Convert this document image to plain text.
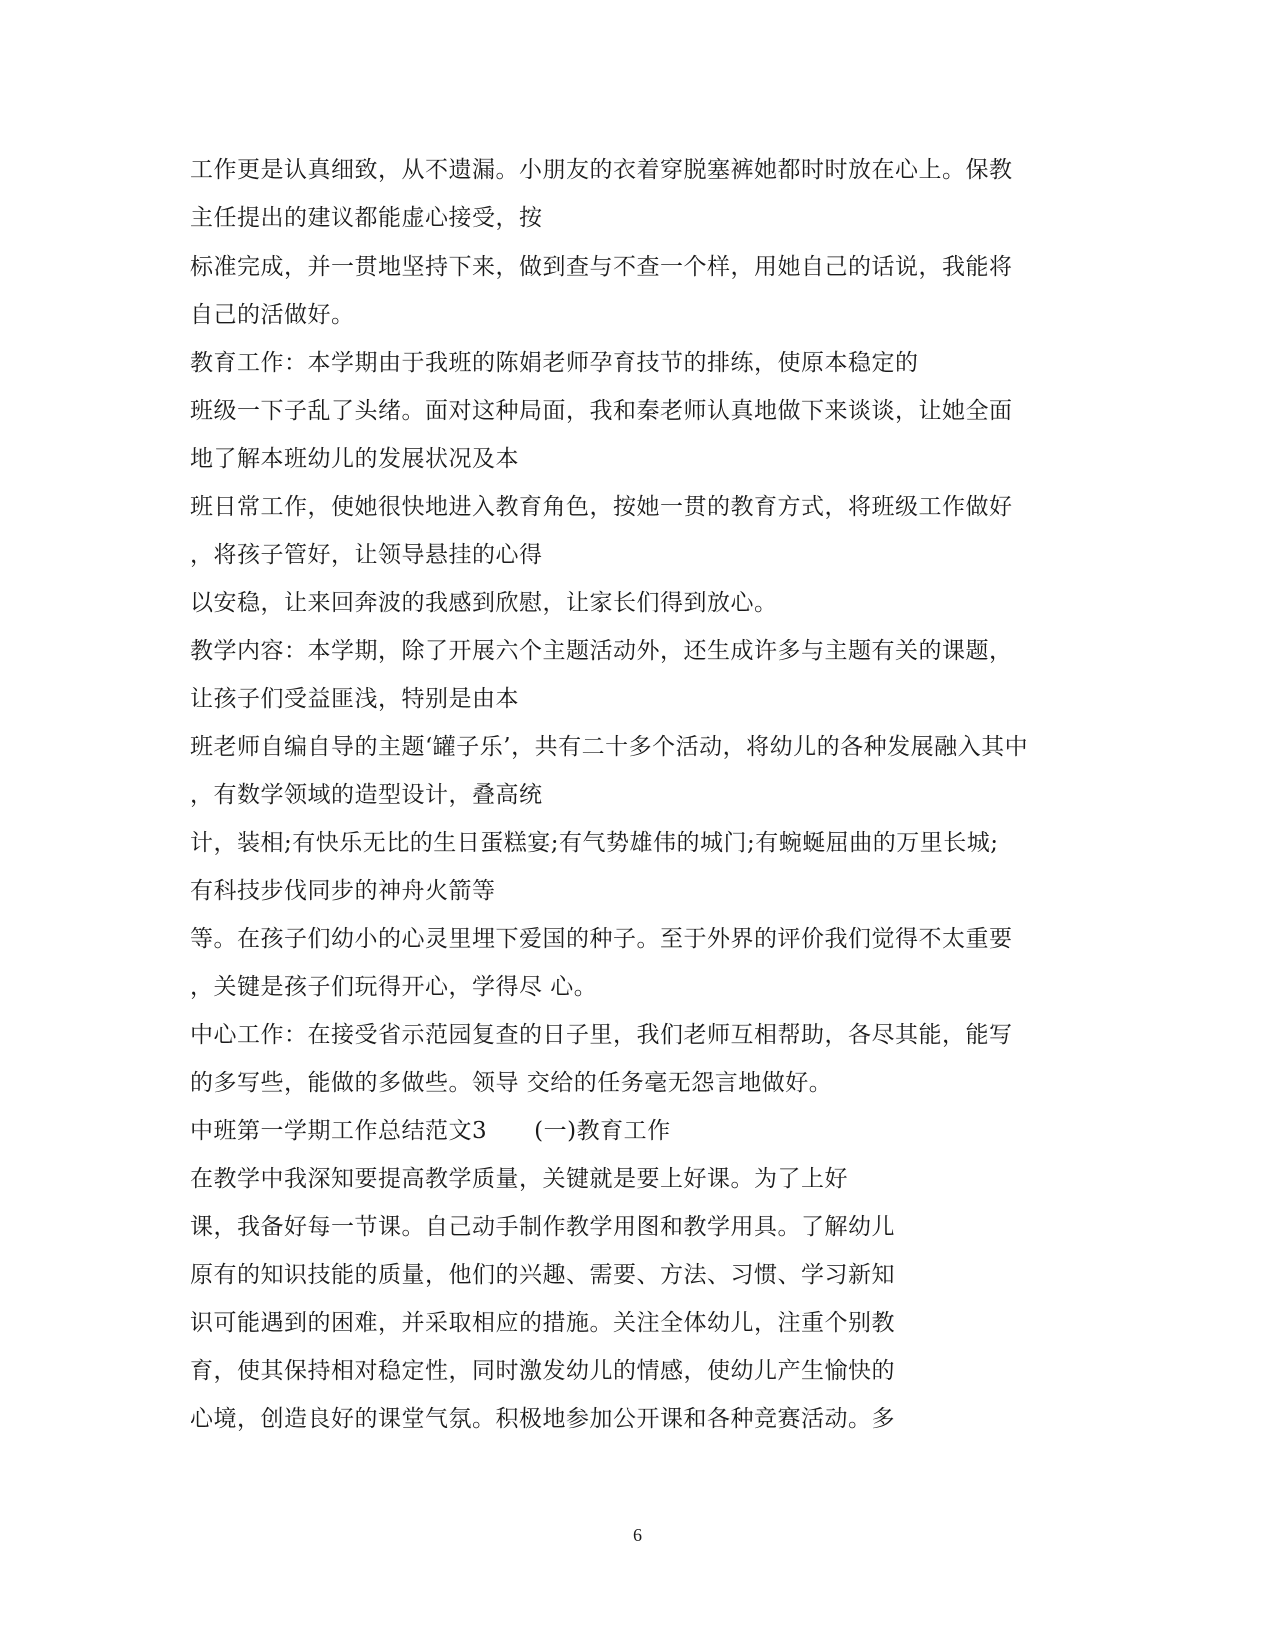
工作更是认真细致，从不遗漏。小朋友的衣着穿脱塞裤她都时时放在心上。保教
主任提出的建议都能虚心接受，按
标准完成，并一贯地坚持下来，做到查与不查一个样，用她自己的话说，我能将
自己的活做好。
教育工作：本学期由于我班的陈娟老师孕育技节的排练，使原本稳定的
班级一下子乱了头绪。面对这种局面，我和秦老师认真地做下来谈谈，让她全面
地了解本班幼儿的发展状况及本
班日常工作，使她很快地进入教育角色，按她一贯的教育方式，将班级工作做好
，将孩子管好，让领导悬挂的心得
以安稳，让来回奔波的我感到欣慰，让家长们得到放心。
教学内容：本学期，除了开展六个主题活动外，还生成许多与主题有关的课题，
让孩子们受益匪浅，特别是由本
班老师自编自导的主题‘罐子乐’，共有二十多个活动，将幼儿的各种发展融入其中
，有数学领域的造型设计，叠高统
计，装相;有快乐无比的生日蛋糕宴;有气势雄伟的城门;有蜿蜒屈曲的万里长城;
有科技步伐同步的神舟火箭等
等。在孩子们幼小的心灵里埋下爱国的种子。至于外界的评价我们觉得不太重要
，关键是孩子们玩得开心，学得尽 心。
中心工作：在接受省示范园复查的日子里，我们老师互相帮助，各尽其能，能写
的多写些，能做的多做些。领导 交给的任务毫无怨言地做好。
中班第一学期工作总结范文3　　(一)教育工作
在教学中我深知要提高教学质量，关键就是要上好课。为了上好
课，我备好每一节课。自己动手制作教学用图和教学用具。了解幼儿
原有的知识技能的质量，他们的兴趣、需要、方法、习惯、学习新知
识可能遇到的困难，并采取相应的措施。关注全体幼儿，注重个别教
育，使其保持相对稳定性，同时激发幼儿的情感，使幼儿产生愉快的
心境，创造良好的课堂气氛。积极地参加公开课和各种竞赛活动。多
6
